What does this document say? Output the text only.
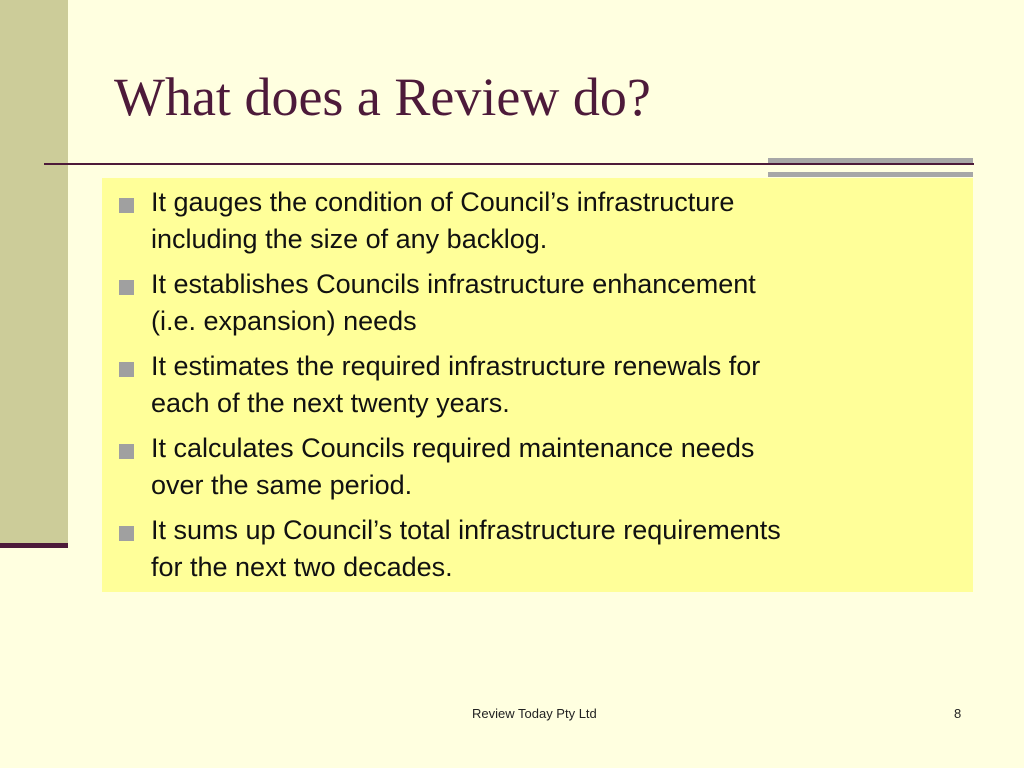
What does a Review do?
It gauges the condition of Council’s infrastructure
including the size of any backlog.
It establishes Councils infrastructure enhancement
(i.e. expansion) needs
It estimates the required infrastructure renewals for
each of the next twenty years.
It calculates Councils required maintenance needs
over the same period.
It sums up Council’s total infrastructure requirements
for the next two decades.
Review Today Pty Ltd	8
